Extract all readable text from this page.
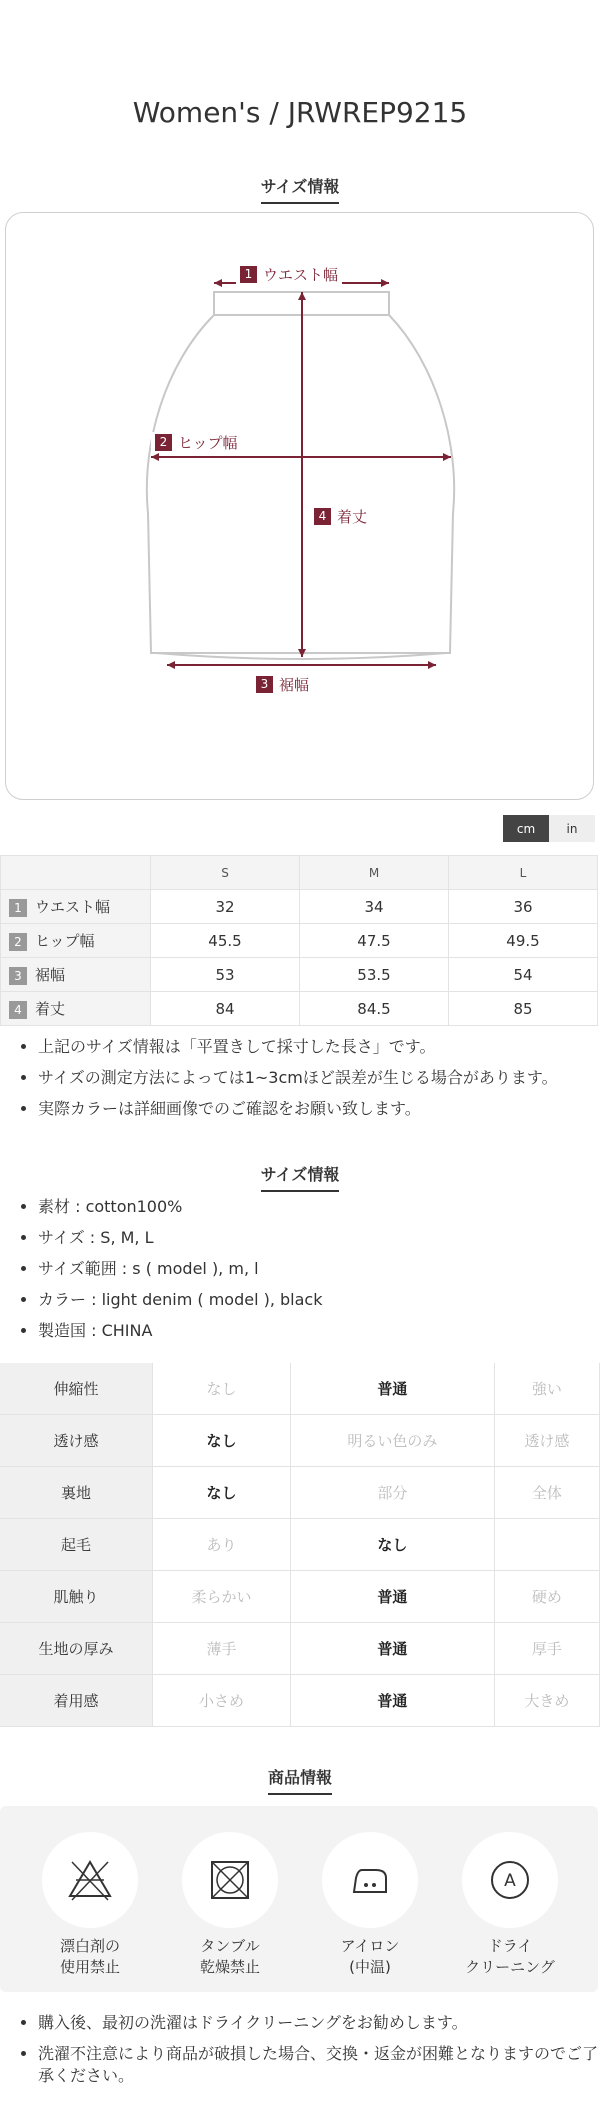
Women's / JRWREP9215
サイズ情報
1 ウエスト幅
2 ヒップ幅
3 裾幅
4 着丈
cm	in
	S	M	L
1 ウエスト幅	32	34	36
2 ヒップ幅	45.5	47.5	49.5
3 裾幅	53	53.5	54
4 着丈	84	84.5	85
• 上記のサイズ情報は「平置きして採寸した長さ」です。
• サイズの測定方法によっては1~3cmほど誤差が生じる場合があります。
• 実際カラーは詳細画像でのご確認をお願い致します。
サイズ情報
• 素材 : cotton100%
• サイズ : S, M, L
• サイズ範囲 : s ( model ), m, l
• カラー : light denim ( model ), black
• 製造国 : CHINA
伸縮性	なし	普通	強い
透け感	なし	明るい色のみ	透け感
裏地	なし	部分	全体
起毛	あり	なし	
肌触り	柔らかい	普通	硬め
生地の厚み	薄手	普通	厚手
着用感	小さめ	普通	大きめ
商品情報
漂白剤の
使用禁止
タンブル
乾燥禁止
アイロン
(中温)
A
ドライ
クリーニング
• 購入後、最初の洗濯はドライクリーニングをお勧めします。
• 洗濯不注意により商品が破損した場合、交換・返金が困難となりますのでご了承ください。
